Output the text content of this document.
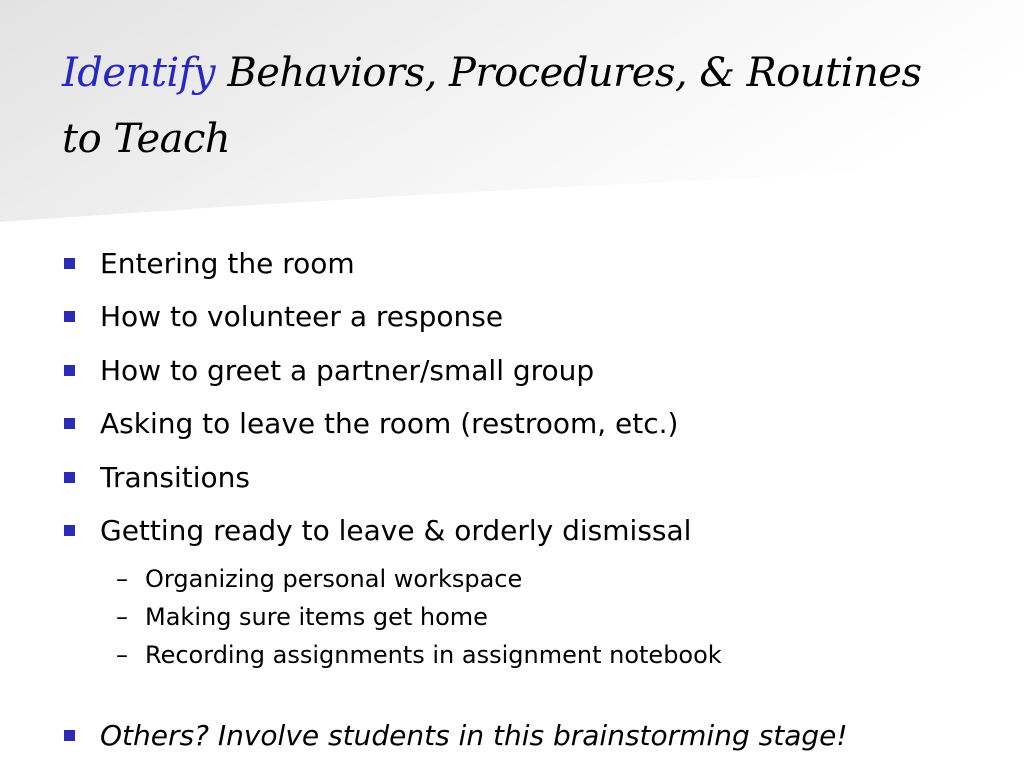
Identify Behaviors, Procedures, & Routines to Teach
Entering the room
How to volunteer a response
How to greet a partner/small group
Asking to leave the room (restroom, etc.)
Transitions
Getting ready to leave & orderly dismissal
– Organizing personal workspace
– Making sure items get home
– Recording assignments in assignment notebook
Others? Involve students in this brainstorming stage!
